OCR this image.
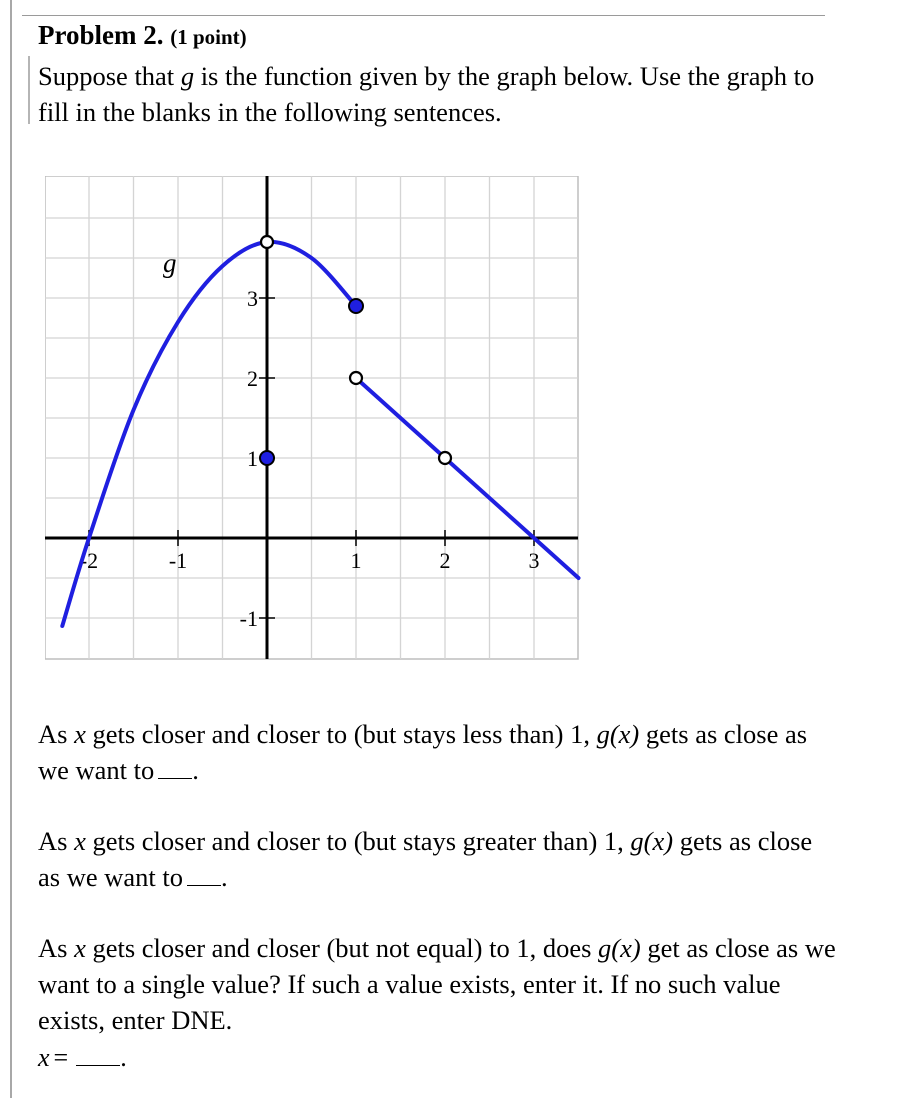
Problem 2. (1 point)
Suppose that g is the function given by the graph below. Use the graph to fill in the blanks in the following sentences.
-2	-1	1	2	3
-1
1
2
3
g
As x gets closer and closer to (but stays less than) 1, g(x) gets as close as we want to .
As x gets closer and closer to (but stays greater than) 1, g(x) gets as close as we want to .
As x gets closer and closer (but not equal) to 1, does g(x) get as close as we want to a single value? If such a value exists, enter it. If no such value exists, enter DNE.
x = .
